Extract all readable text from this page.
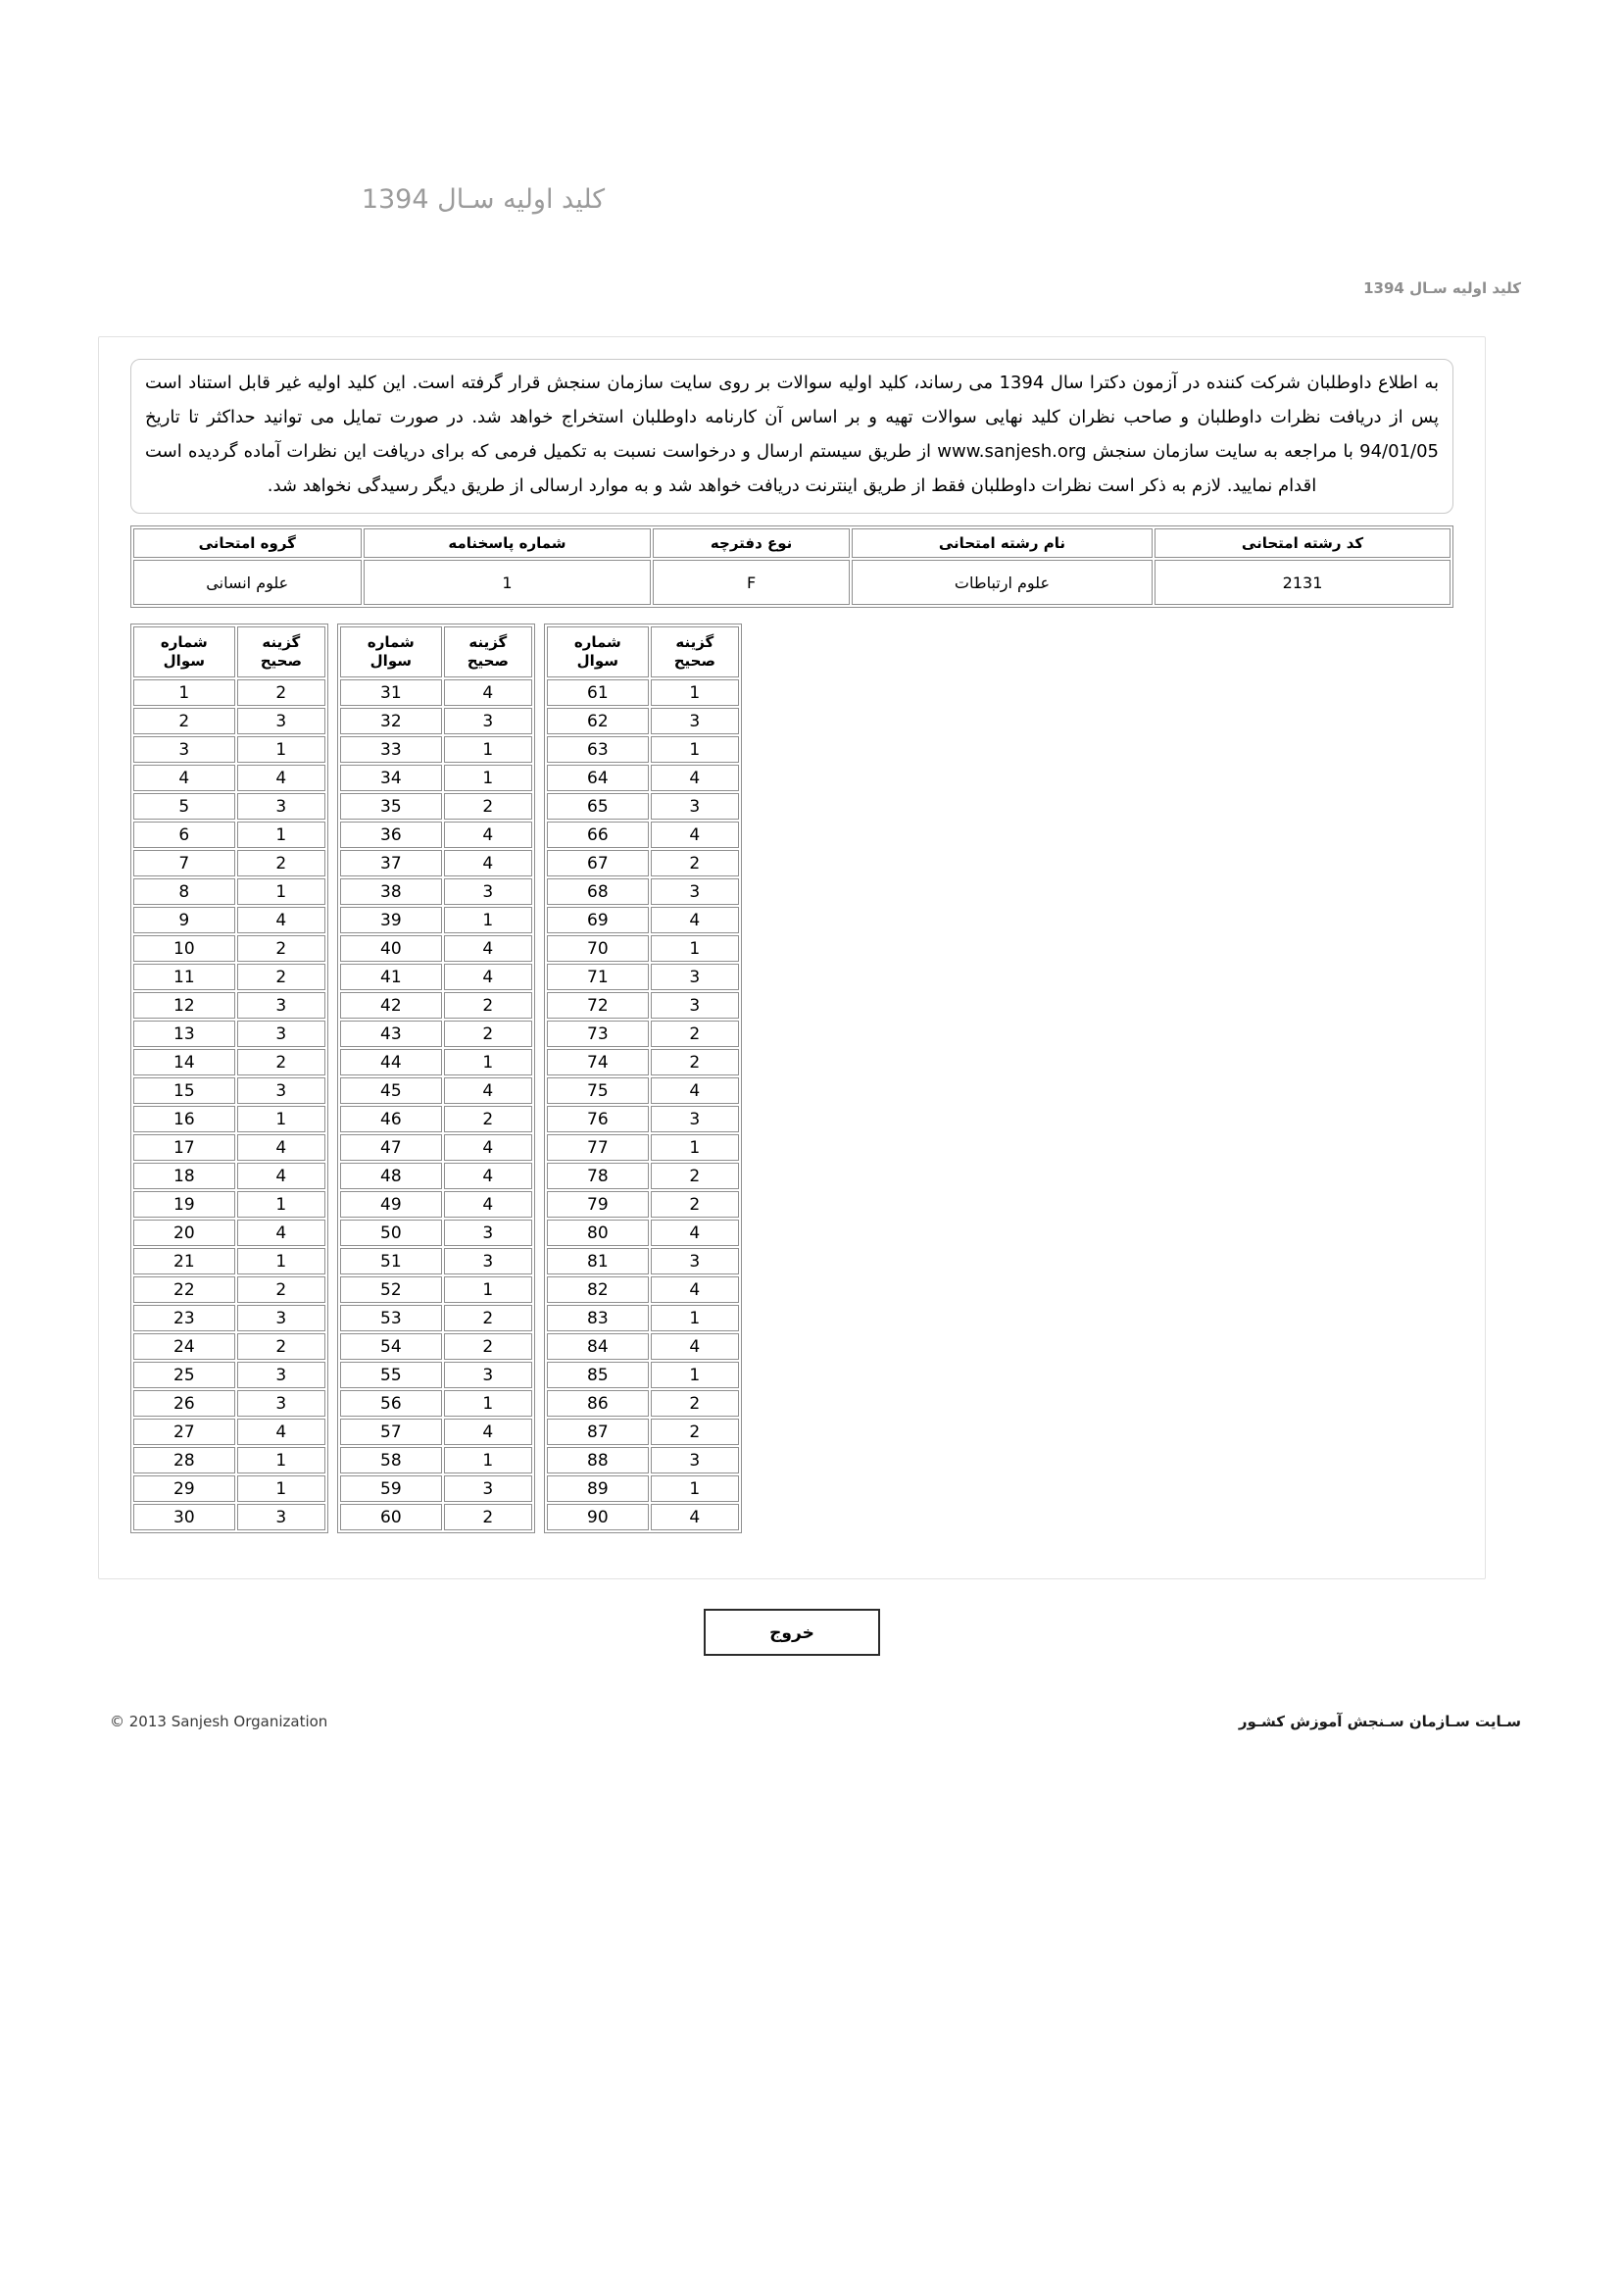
کلید اولیه سـال 1394
کلید اولیه سـال 1394
به اطلاع داوطلبان شرکت کننده در آزمون دکترا سال 1394 می رساند، کلید اولیه سوالات بر روی سایت سازمان سنجش قرار گرفته است. این کلید اولیه غیر قابل استناد است پس از دریافت نظرات داوطلبان و صاحب نظران کلید نهایی سوالات تهیه و بر اساس آن کارنامه داوطلبان استخراج خواهد شد. در صورت تمایل می توانید حداکثر تا تاریخ 94/01/05 با مراجعه به سایت سازمان سنجش www.sanjesh.org از طریق سیستم ارسال و درخواست نسبت به تکمیل فرمی که برای دریافت این نظرات آماده گردیده است اقدام نمایید. لازم به ذکر است نظرات داوطلبان فقط از طریق اینترنت دریافت خواهد شد و به موارد ارسالی از طریق دیگر رسیدگی نخواهد شد.
کد رشته امتحانی	نام رشته امتحانی	نوع دفترچه	شماره پاسخنامه	گروه امتحانی
2131	علوم ارتباطات	F	1	علوم انسانی
شماره
سوال

گزینه
صحیح

1	2
2	3
3	1
4	4
5	3
6	1
7	2
8	1
9	4
10	2
11	2
12	3
13	3
14	2
15	3
16	1
17	4
18	4
19	1
20	4
21	1
22	2
23	3
24	2
25	3
26	3
27	4
28	1
29	1
30	3
شماره
سوال

گزینه
صحیح

31	4
32	3
33	1
34	1
35	2
36	4
37	4
38	3
39	1
40	4
41	4
42	2
43	2
44	1
45	4
46	2
47	4
48	4
49	4
50	3
51	3
52	1
53	2
54	2
55	3
56	1
57	4
58	1
59	3
60	2
شماره
سوال

گزینه
صحیح

61	1
62	3
63	1
64	4
65	3
66	4
67	2
68	3
69	4
70	1
71	3
72	3
73	2
74	2
75	4
76	3
77	1
78	2
79	2
80	4
81	3
82	4
83	1
84	4
85	1
86	2
87	2
88	3
89	1
90	4
خروج
© 2013 Sanjesh Organization	سـایت سـازمان سـنجش آموزش کشـور
